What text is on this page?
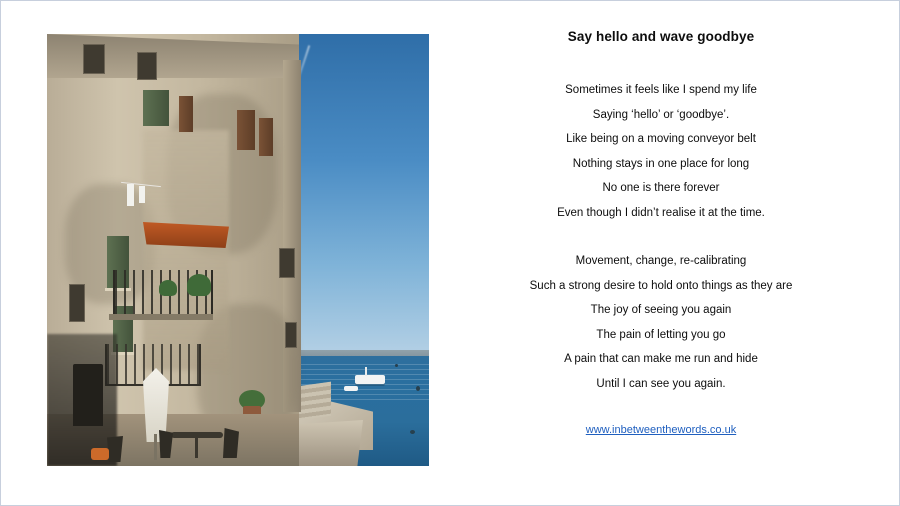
Say hello and wave goodbye
Sometimes it feels like I spend my life
Saying ‘hello’ or ‘goodbye’.
Like being on a moving conveyor belt
Nothing stays in one place for long
No one is there forever
Even though I didn’t realise it at the time.
Movement, change, re-calibrating
Such a strong desire to hold onto things as they are
The joy of seeing you again
The pain of letting you go
A pain that can make me run and hide
Until I can see you again.
www.inbetweenthewords.co.uk
